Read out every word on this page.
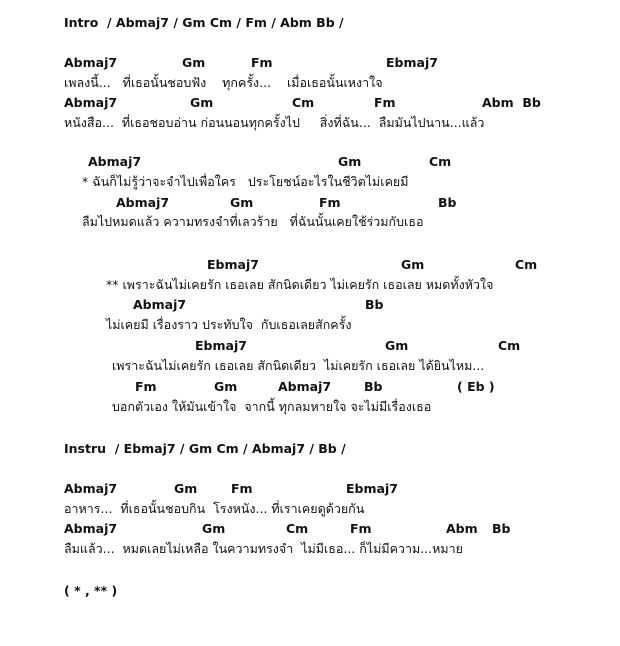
Intro  / Abmaj7 / Gm Cm / Fm / Abm Bb /

Abmaj7

	Gm

	Fm

	Ebmaj7

เพลงนี้...   ที่เธอนั้นชอบฟัง    ทุกครั้ง...    เมื่อเธอนั้นเหงาใจ

Abmaj7

	Gm

	Cm

	Fm

	Abm  Bb

หนังสือ...  ที่เธอชอบอ่าน ก่อนนอนทุกครั้งไป     สิ่งที่ฉัน...  ลืมมันไปนาน...แล้ว

Abmaj7

	Gm

	Cm

* ฉันก็ไม่รู้ว่าจะจำไปเพื่อใคร   ประโยชน์อะไรในชีวิตไม่เคยมี

Abmaj7

	Gm

	Fm

	Bb

ลืมไปหมดแล้ว ความทรงจำที่เลวร้าย   ที่ฉันนั้นเคยใช้ร่วมกับเธอ

Ebmaj7

	Gm

	Cm

** เพราะฉันไม่เคยรัก เธอเลย สักนิดเดียว ไม่เคยรัก เธอเลย หมดทั้งหัวใจ

Abmaj7

	Bb

ไม่เคยมี เรื่องราว ประทับใจ  กับเธอเลยสักครั้ง

Ebmaj7

	Gm

	Cm

เพราะฉันไม่เคยรัก เธอเลย สักนิดเดียว  ไม่เคยรัก เธอเลย ได้ยินไหม...

Fm

	Gm

	Abmaj7

	Bb

	( Eb )

บอกตัวเอง ให้มันเข้าใจ  จากนี้ ทุกลมหายใจ จะไม่มีเรื่องเธอ
Instru  / Ebmaj7 / Gm Cm / Abmaj7 / Bb /

Abmaj7

	Gm

	Fm

	Ebmaj7

อาหาร...  ที่เธอนั้นชอบกิน  โรงหนัง... ที่เราเคยดูด้วยกัน

Abmaj7

	Gm

	Cm

	Fm

	Abm

Bb

ลืมแล้ว...  หมดเลยไม่เหลือ ในความทรงจำ  ไม่มีเธอ... ก็ไม่มีความ...หมาย
( * , ** )
